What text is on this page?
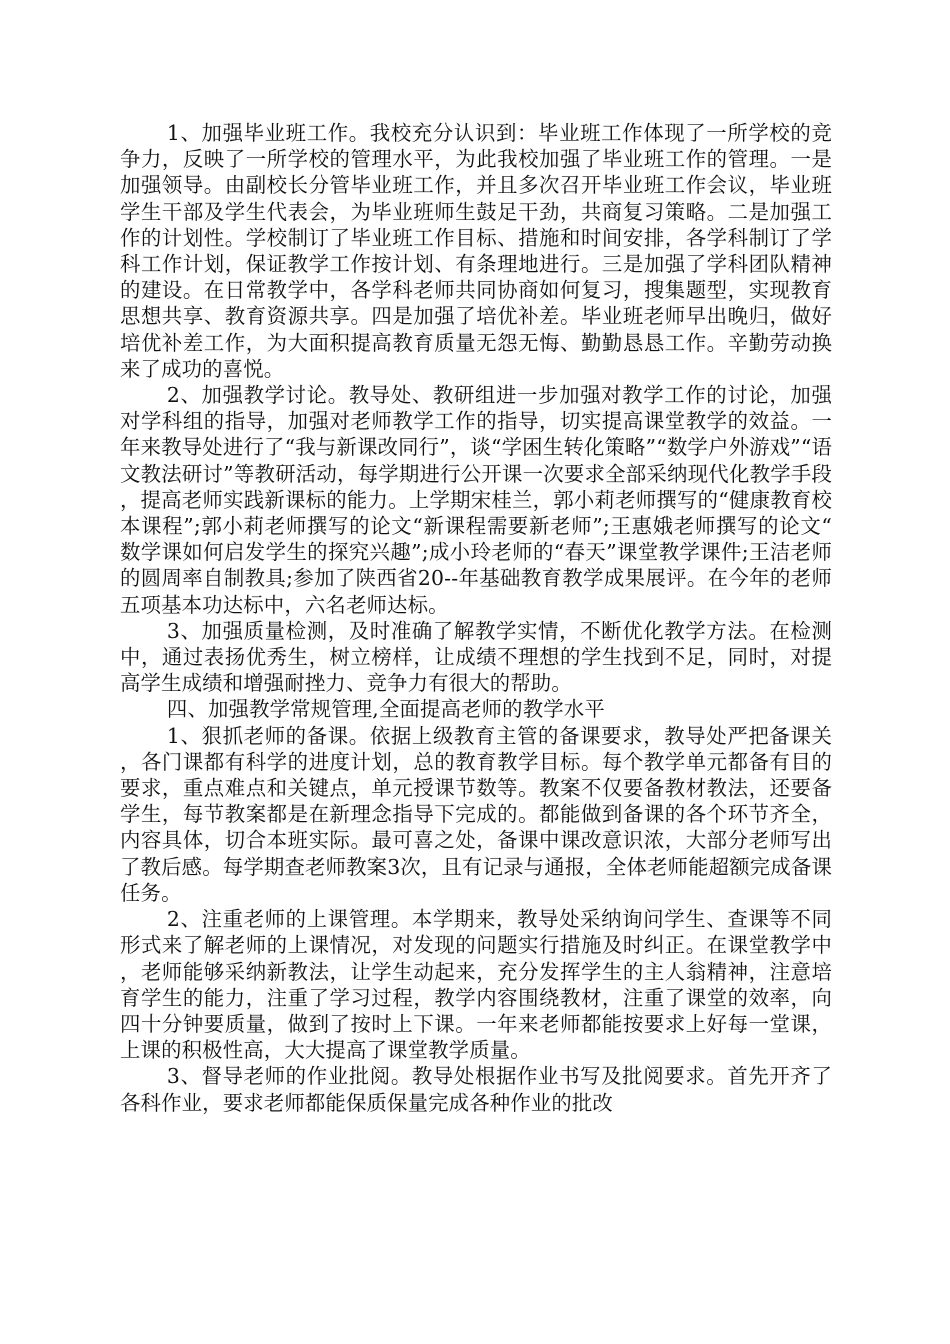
1、加强毕业班工作。我校充分认识到：毕业班工作体现了一所学校的竞争力，反映了一所学校的管理水平，为此我校加强了毕业班工作的管理。一是加强领导。由副校长分管毕业班工作，并且多次召开毕业班工作会议，毕业班学生干部及学生代表会，为毕业班师生鼓足干劲，共商复习策略。二是加强工作的计划性。学校制订了毕业班工作目标、措施和时间安排，各学科制订了学科工作计划，保证教学工作按计划、有条理地进行。三是加强了学科团队精神的建设。在日常教学中，各学科老师共同协商如何复习，搜集题型，实现教育思想共享、教育资源共享。四是加强了培优补差。毕业班老师早出晚归，做好培优补差工作，为大面积提高教育质量无怨无悔、勤勤恳恳工作。辛勤劳动换来了成功的喜悦。

2、加强教学讨论。教导处、教研组进一步加强对教学工作的讨论，加强对学科组的指导，加强对老师教学工作的指导，切实提高课堂教学的效益。一年来教导处进行了“我与新课改同行”，谈“学困生转化策略”“数学户外游戏”“语文教法研讨”等教研活动，每学期进行公开课一次要求全部采纳现代化教学手段，提高老师实践新课标的能力。上学期宋桂兰，郭小莉老师撰写的“健康教育校本课程”;郭小莉老师撰写的论文“新课程需要新老师”;王惠娥老师撰写的论文“数学课如何启发学生的探究兴趣”;成小玲老师的“春天”课堂教学课件;王洁老师的圆周率自制教具;参加了陕西省20--年基础教育教学成果展评。在今年的老师五项基本功达标中，六名老师达标。

3、加强质量检测，及时准确了解教学实情，不断优化教学方法。在检测中，通过表扬优秀生，树立榜样，让成绩不理想的学生找到不足，同时，对提高学生成绩和增强耐挫力、竞争力有很大的帮助。

四、加强教学常规管理,全面提高老师的教学水平

1、狠抓老师的备课。依据上级教育主管的备课要求，教导处严把备课关，各门课都有科学的进度计划，总的教育教学目标。每个教学单元都备有目的要求，重点难点和关键点，单元授课节数等。教案不仅要备教材教法，还要备学生，每节教案都是在新理念指导下完成的。都能做到备课的各个环节齐全，内容具体，切合本班实际。最可喜之处，备课中课改意识浓，大部分老师写出了教后感。每学期查老师教案3次，且有记录与通报，全体老师能超额完成备课任务。

2、注重老师的上课管理。本学期来，教导处采纳询问学生、查课等不同形式来了解老师的上课情况，对发现的问题实行措施及时纠正。在课堂教学中，老师能够采纳新教法，让学生动起来，充分发挥学生的主人翁精神，注意培育学生的能力，注重了学习过程，教学内容围绕教材，注重了课堂的效率，向四十分钟要质量，做到了按时上下课。一年来老师都能按要求上好每一堂课，上课的积极性高，大大提高了课堂教学质量。

3、督导老师的作业批阅。教导处根据作业书写及批阅要求。首先开齐了各科作业，要求老师都能保质保量完成各种作业的批改
